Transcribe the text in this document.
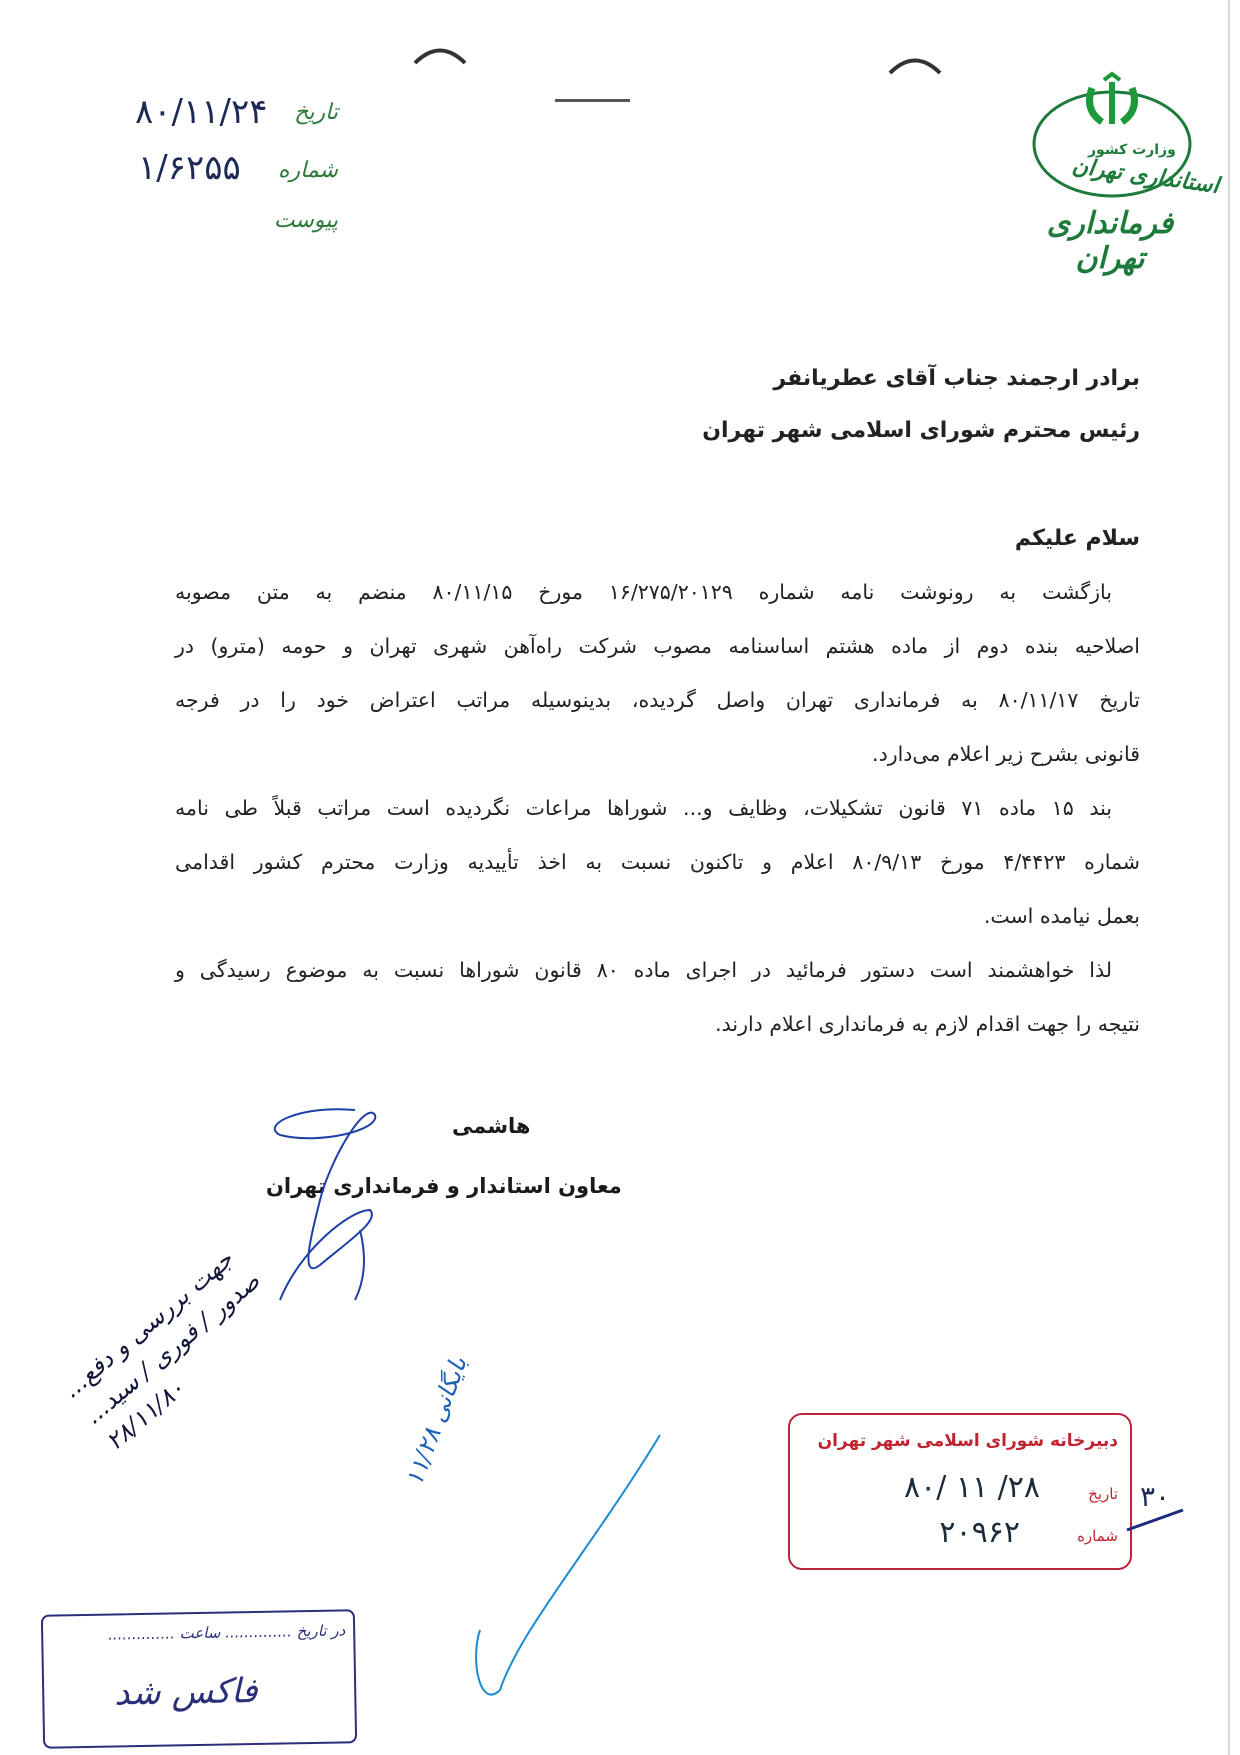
وزارت کشور
استانداری تهران
فرمانداری تهران
تاریخ
شماره
پیوست
۸۰/۱۱/۲۴
۱/۶۲۵۵
برادر ارجمند جناب آقای عطریانفر
رئیس محترم شورای اسلامی شهر تهران
سلام علیکم
بازگشت به رونوشت نامه شماره ۱۶/۲۷۵/۲۰۱۲۹ مورخ ۸۰/۱۱/۱۵ منضم به متن مصوبه
اصلاحیه بنده دوم از ماده هشتم اساسنامه مصوب شرکت راه‌آهن شهری تهران و حومه (مترو) در
تاریخ ۸۰/۱۱/۱۷ به فرمانداری تهران واصل گردیده، بدینوسیله مراتب اعتراض خود را در فرجه
قانونی بشرح زیر اعلام می‌دارد.
بند ۱۵ ماده ۷۱ قانون تشکیلات، وظایف و... شوراها مراعات نگردیده است مراتب قبلاً طی نامه
شماره ۴/۴۴۲۳ مورخ ۸۰/۹/۱۳ اعلام و تاکنون نسبت به اخذ تأییدیه وزارت محترم کشور اقدامی
بعمل نیامده است.
لذا خواهشمند است دستور فرمائید در اجرای ماده ۸۰ قانون شوراها نسبت به موضوع رسیدگی و
نتیجه را جهت اقدام لازم به فرمانداری اعلام دارند.
هاشمی
معاون استاندار و فرمانداری تهران
جهت بررسی و دفع... صدور / فوری / سید... ۲۸/۱۱/۸۰
بایگانی ۱۱/۲۸
دبیرخانه شورای اسلامی شهر تهران
تاریخ
۸۰/ ۱۱ /۲۸
شماره
۲۰۹۶۲
۳۰
در تاریخ .............. ساعت ..............
فاکس شد
